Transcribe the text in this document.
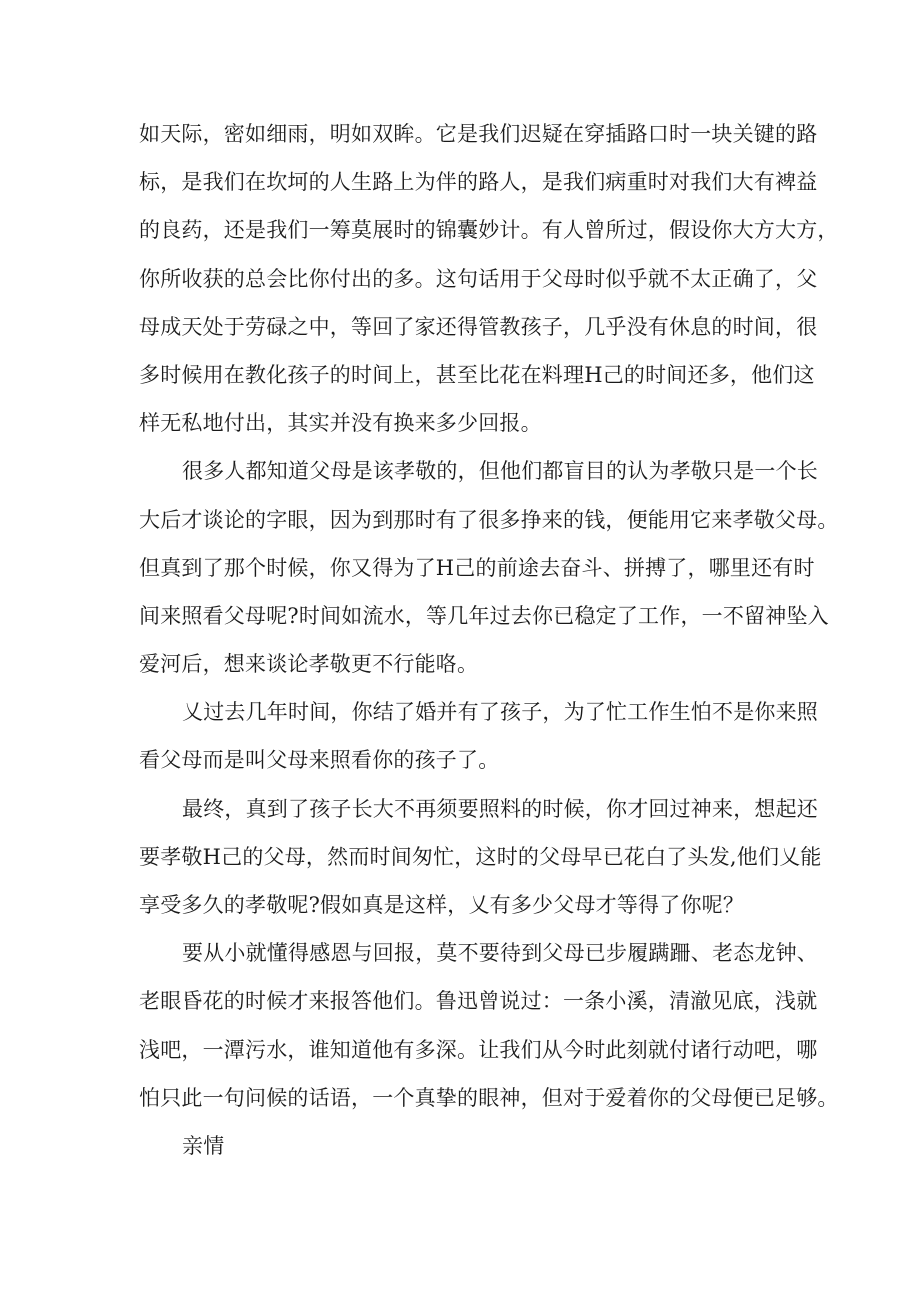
如天际，密如细雨，明如双眸。它是我们迟疑在穿插路口时一块关键的路
标，是我们在坎坷的人生路上为伴的路人，是我们病重时对我们大有裨益
的良药，还是我们一筹莫展时的锦囊妙计。有人曾所过，假设你大方大方，
你所收获的总会比你付出的多。这句话用于父母时似乎就不太正确了，父
母成天处于劳碌之中，等回了家还得管教孩子，几乎没有休息的时间，很
多时候用在教化孩子的时间上，甚至比花在料理H己的时间还多，他们这
样无私地付出，其实并没有换来多少回报。
很多人都知道父母是该孝敬的，但他们都盲目的认为孝敬只是一个长
大后才谈论的字眼，因为到那时有了很多挣来的钱，便能用它来孝敬父母。
但真到了那个时候，你又得为了H己的前途去奋斗、拼搏了，哪里还有时
间来照看父母呢?时间如流水，等几年过去你已稳定了工作，一不留神坠入
爱河后，想来谈论孝敬更不行能咯。
乂过去几年时间，你结了婚并有了孩子，为了忙工作生怕不是你来照
看父母而是叫父母来照看你的孩子了。
最终，真到了孩子长大不再须要照料的时候，你才回过神来，想起还
要孝敬H己的父母，然而时间匆忙，这时的父母早已花白了头发,他们乂能
享受多久的孝敬呢?假如真是这样，乂有多少父母才等得了你呢？
要从小就懂得感恩与回报，莫不要待到父母已步履蹒跚、老态龙钟、
老眼昏花的时候才来报答他们。鲁迅曾说过：一条小溪，清澈见底，浅就
浅吧，一潭污水，谁知道他有多深。让我们从今时此刻就付诸行动吧，哪
怕只此一句问候的话语，一个真挚的眼神，但对于爱着你的父母便已足够。
亲情
